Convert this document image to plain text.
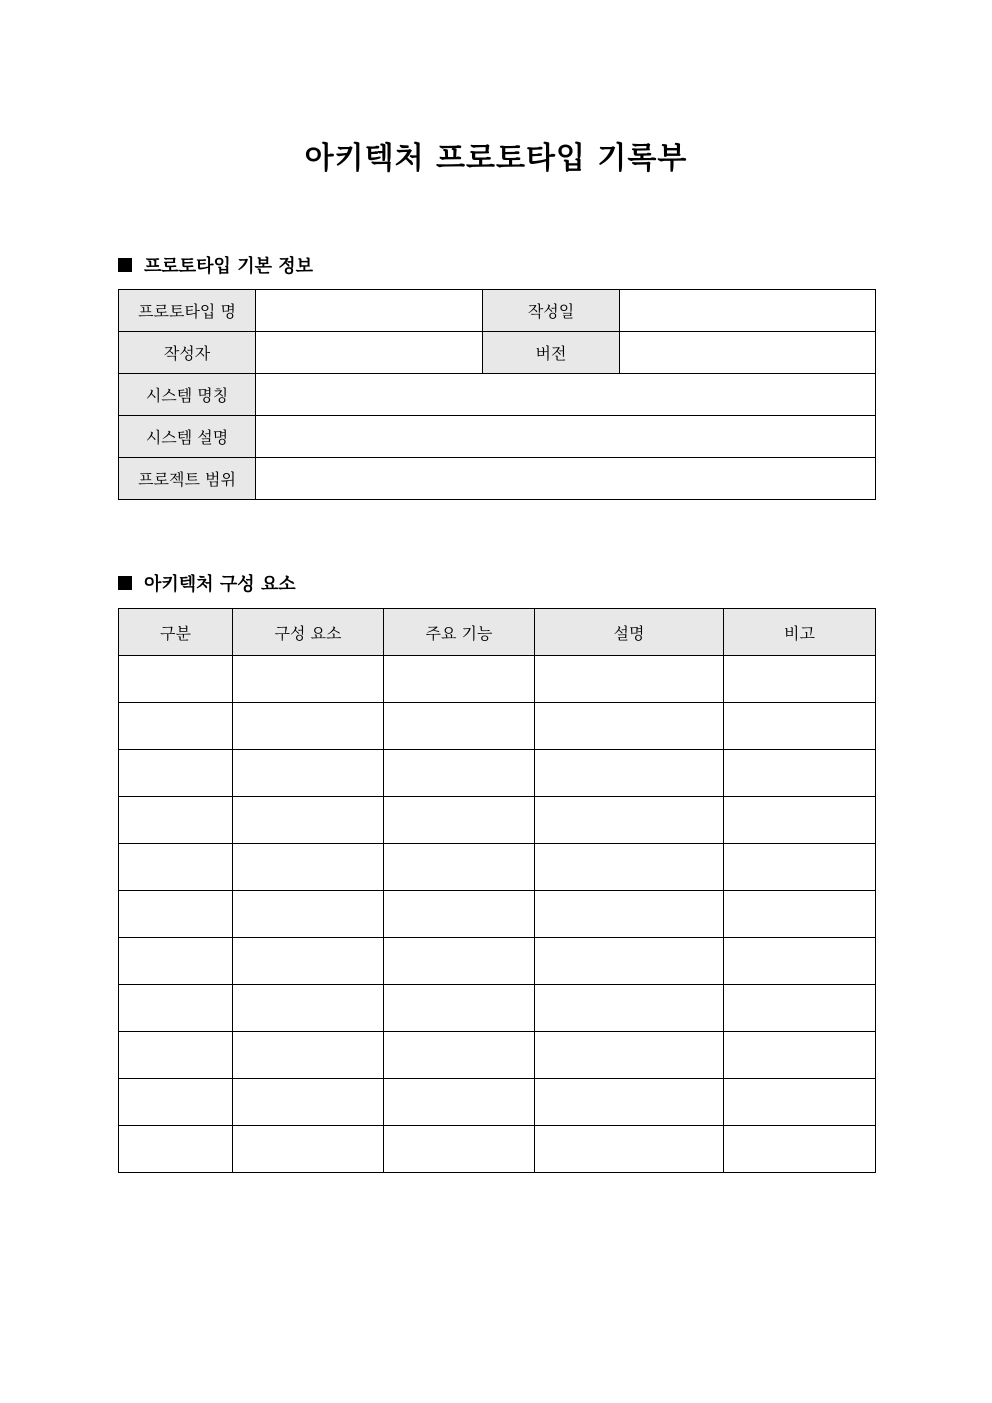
아키텍처 프로토타입 기록부
프로토타입 기본 정보
프로토타입 명		작성일	
작성자		버전	
시스템 명칭			
시스템 설명			
프로젝트 범위			
아키텍처 구성 요소
구분	구성 요소	주요 기능	설명	비고
